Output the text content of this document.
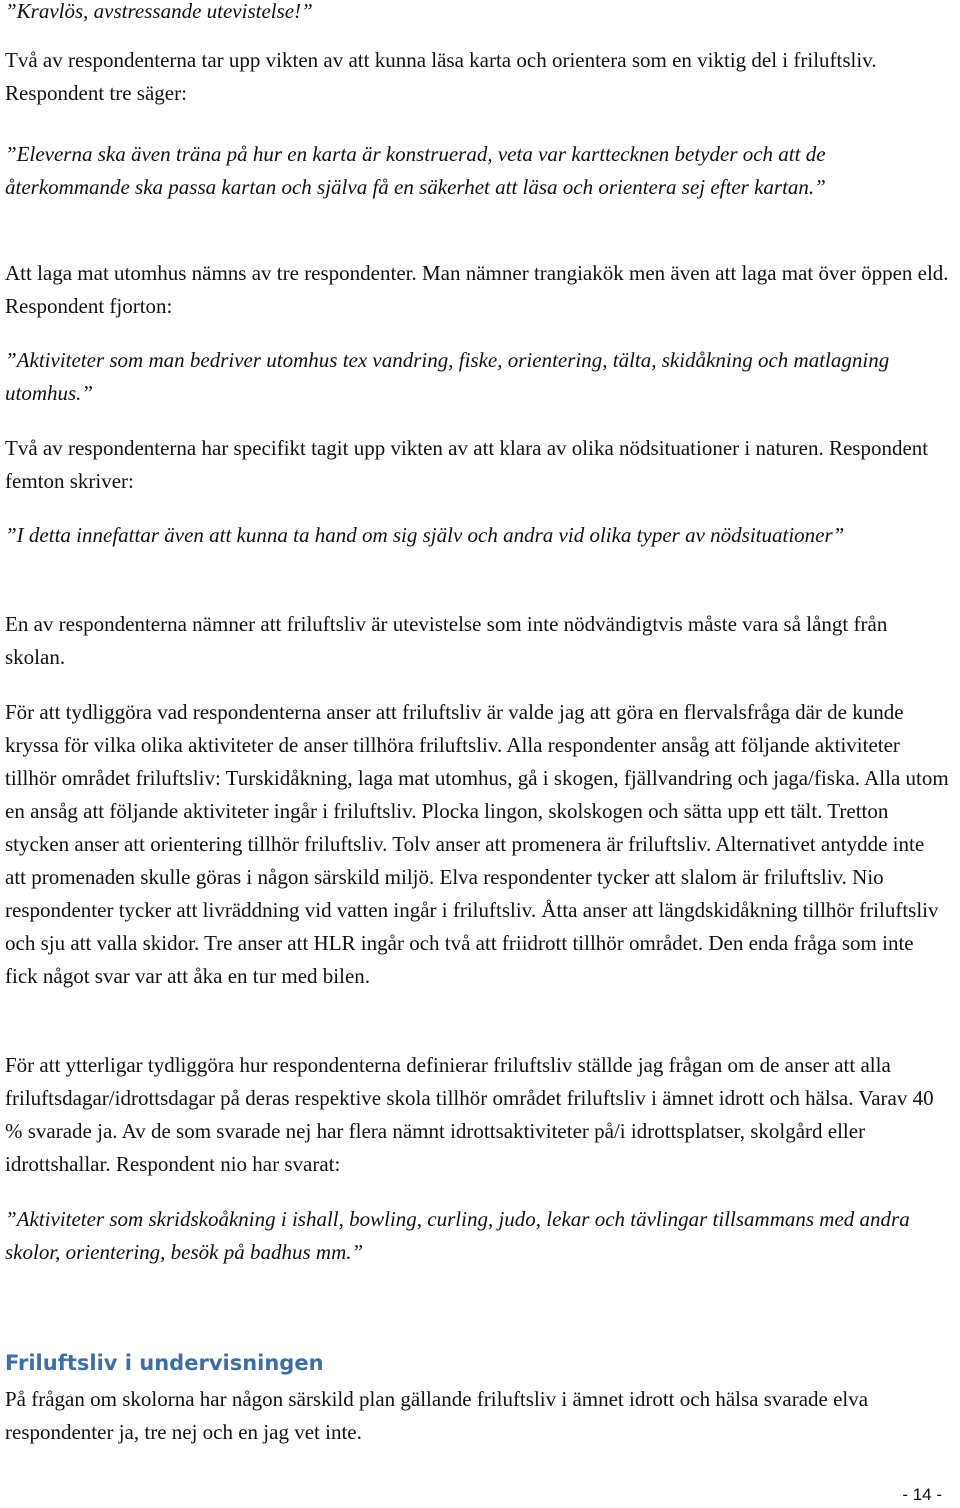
”Kravlös, avstressande utevistelse!”

Två av respondenterna tar upp vikten av att kunna läsa karta och orientera som en viktig del i friluftsliv. Respondent tre säger:

”Eleverna ska även träna på hur en karta är konstruerad, veta var karttecknen betyder och att de återkommande ska passa kartan och själva få en säkerhet att läsa och orientera sej efter kartan.”

Att laga mat utomhus nämns av tre respondenter. Man nämner trangiakök men även att laga mat över öppen eld. Respondent fjorton:

”Aktiviteter som man bedriver utomhus tex vandring, fiske, orientering, tälta, skidåkning och matlagning utomhus.”

Två av respondenterna har specifikt tagit upp vikten av att klara av olika nödsituationer i naturen. Respondent femton skriver:

”I detta innefattar även att kunna ta hand om sig själv och andra vid olika typer av nödsituationer”

En av respondenterna nämner att friluftsliv är utevistelse som inte nödvändigtvis måste vara så långt från skolan.

För att tydliggöra vad respondenterna anser att friluftsliv är valde jag att göra en flervalsfråga där de kunde kryssa för vilka olika aktiviteter de anser tillhöra friluftsliv. Alla respondenter ansåg att följande aktiviteter tillhör området friluftsliv: Turskidåkning, laga mat utomhus, gå i skogen, fjällvandring och jaga/fiska. Alla utom en ansåg att följande aktiviteter ingår i friluftsliv. Plocka lingon, skolskogen och sätta upp ett tält. Tretton stycken anser att orientering tillhör friluftsliv. Tolv anser att promenera är friluftsliv. Alternativet antydde inte att promenaden skulle göras i någon särskild miljö. Elva respondenter tycker att slalom är friluftsliv. Nio respondenter tycker att livräddning vid vatten ingår i friluftsliv. Åtta anser att längdskidåkning tillhör friluftsliv och sju att valla skidor. Tre anser att HLR ingår och två att friidrott tillhör området. Den enda fråga som inte fick något svar var att åka en tur med bilen.

För att ytterligar tydliggöra hur respondenterna definierar friluftsliv ställde jag frågan om de anser att alla friluftsdagar/idrottsdagar på deras respektive skola tillhör området friluftsliv i ämnet idrott och hälsa. Varav 40 % svarade ja. Av de som svarade nej har flera nämnt idrottsaktiviteter på/i idrottsplatser, skolgård eller idrottshallar. Respondent nio har svarat:

”Aktiviteter som skridskoåkning i ishall, bowling, curling, judo, lekar och tävlingar tillsammans med andra skolor, orientering, besök på badhus mm.”

Friluftsliv i undervisningen

På frågan om skolorna har någon särskild plan gällande friluftsliv i ämnet idrott och hälsa svarade elva respondenter ja, tre nej och en jag vet inte.

- 14 -
